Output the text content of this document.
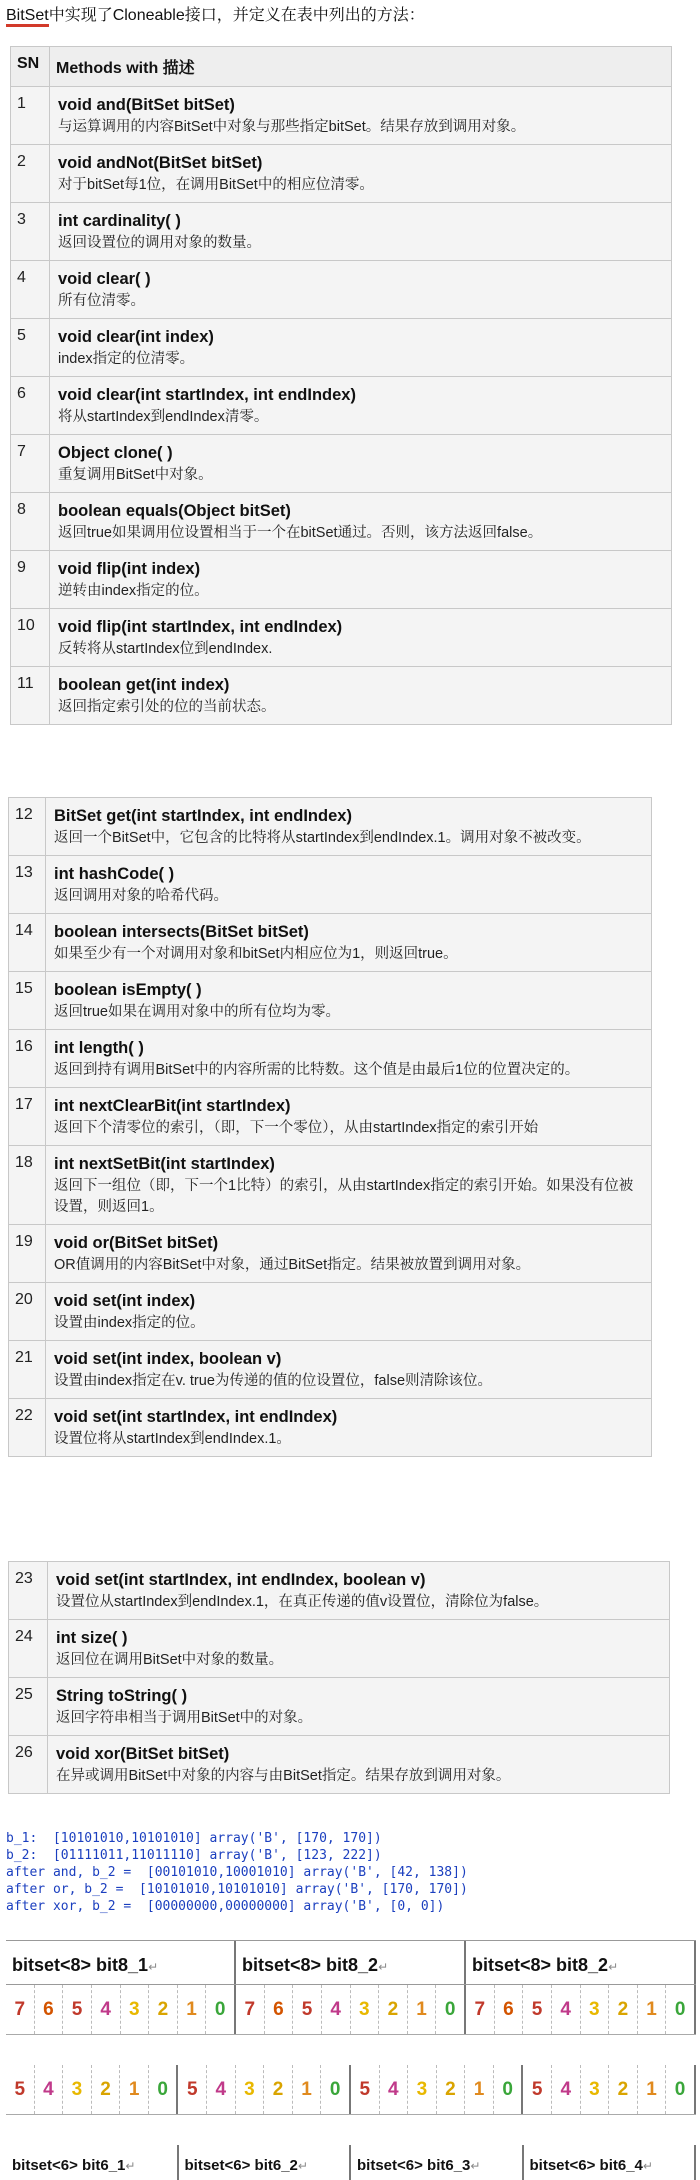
BitSet中实现了Cloneable接口，并定义在表中列出的方法：
SN	Methods with 描述
1	void and(BitSet bitSet)
与运算调用的内容BitSet中对象与那些指定bitSet。结果存放到调用对象。

2	void andNot(BitSet bitSet)
对于bitSet每1位，在调用BitSet中的相应位清零。

3	int cardinality( )
返回设置位的调用对象的数量。

4	void clear( )
所有位清零。

5	void clear(int index)
index指定的位清零。

6	void clear(int startIndex, int endIndex)
将从startIndex到endIndex清零。

7	Object clone( )
重复调用BitSet中对象。

8	boolean equals(Object bitSet)
返回true如果调用位设置相当于一个在bitSet通过。否则，该方法返回false。

9	void flip(int index)
逆转由index指定的位。

10	void flip(int startIndex, int endIndex)
反转将从startIndex位到endIndex.

11	boolean get(int index)
返回指定索引处的位的当前状态。
12	BitSet get(int startIndex, int endIndex)
返回一个BitSet中，它包含的比特将从startIndex到endIndex.1。调用对象不被改变。

13	int hashCode( )
返回调用对象的哈希代码。

14	boolean intersects(BitSet bitSet)
如果至少有一个对调用对象和bitSet内相应位为1，则返回true。

15	boolean isEmpty( )
返回true如果在调用对象中的所有位均为零。

16	int length( )
返回到持有调用BitSet中的内容所需的比特数。这个值是由最后1位的位置决定的。

17	int nextClearBit(int startIndex)
返回下个清零位的索引，（即，下一个零位），从由startIndex指定的索引开始

18	int nextSetBit(int startIndex)
返回下一组位（即，下一个1比特）的索引，从由startIndex指定的索引开始。如果没有位被设置，则返回1。

19	void or(BitSet bitSet)
OR值调用的内容BitSet中对象，通过BitSet指定。结果被放置到调用对象。

20	void set(int index)
设置由index指定的位。

21	void set(int index, boolean v)
设置由index指定在v. true为传递的值的位设置位，false则清除该位。

22	void set(int startIndex, int endIndex)
设置位将从startIndex到endIndex.1。
23	void set(int startIndex, int endIndex, boolean v)
设置位从startIndex到endIndex.1，在真正传递的值v设置位，清除位为false。

24	int size( )
返回位在调用BitSet中对象的数量。

25	String toString( )
返回字符串相当于调用BitSet中的对象。

26	void xor(BitSet bitSet)
在异或调用BitSet中对象的内容与由BitSet指定。结果存放到调用对象。
b_1:  [10101010,10101010] array('B', [170, 170])
b_2:  [01111011,11011110] array('B', [123, 222])
after and, b_2 =  [00101010,10001010] array('B', [42, 138])
after or, b_2 =  [10101010,10101010] array('B', [170, 170])
after xor, b_2 =  [00000000,00000000] array('B', [0, 0])
bitset<8> bit8_1↵	bitset<8> bit8_2↵	bitset<8> bit8_2↵
7 6 5 4 3 2 1 0	7 6 5 4 3 2 1 0	7 6 5 4 3 2 1 0
5 4 3 2 1 0	5 4 3 2 1 0	5 4 3 2 1 0	5 4 3 2 1 0
bitset<6> bit6_1↵	bitset<6> bit6_2↵	bitset<6> bit6_3↵	bitset<6> bit6_4↵
